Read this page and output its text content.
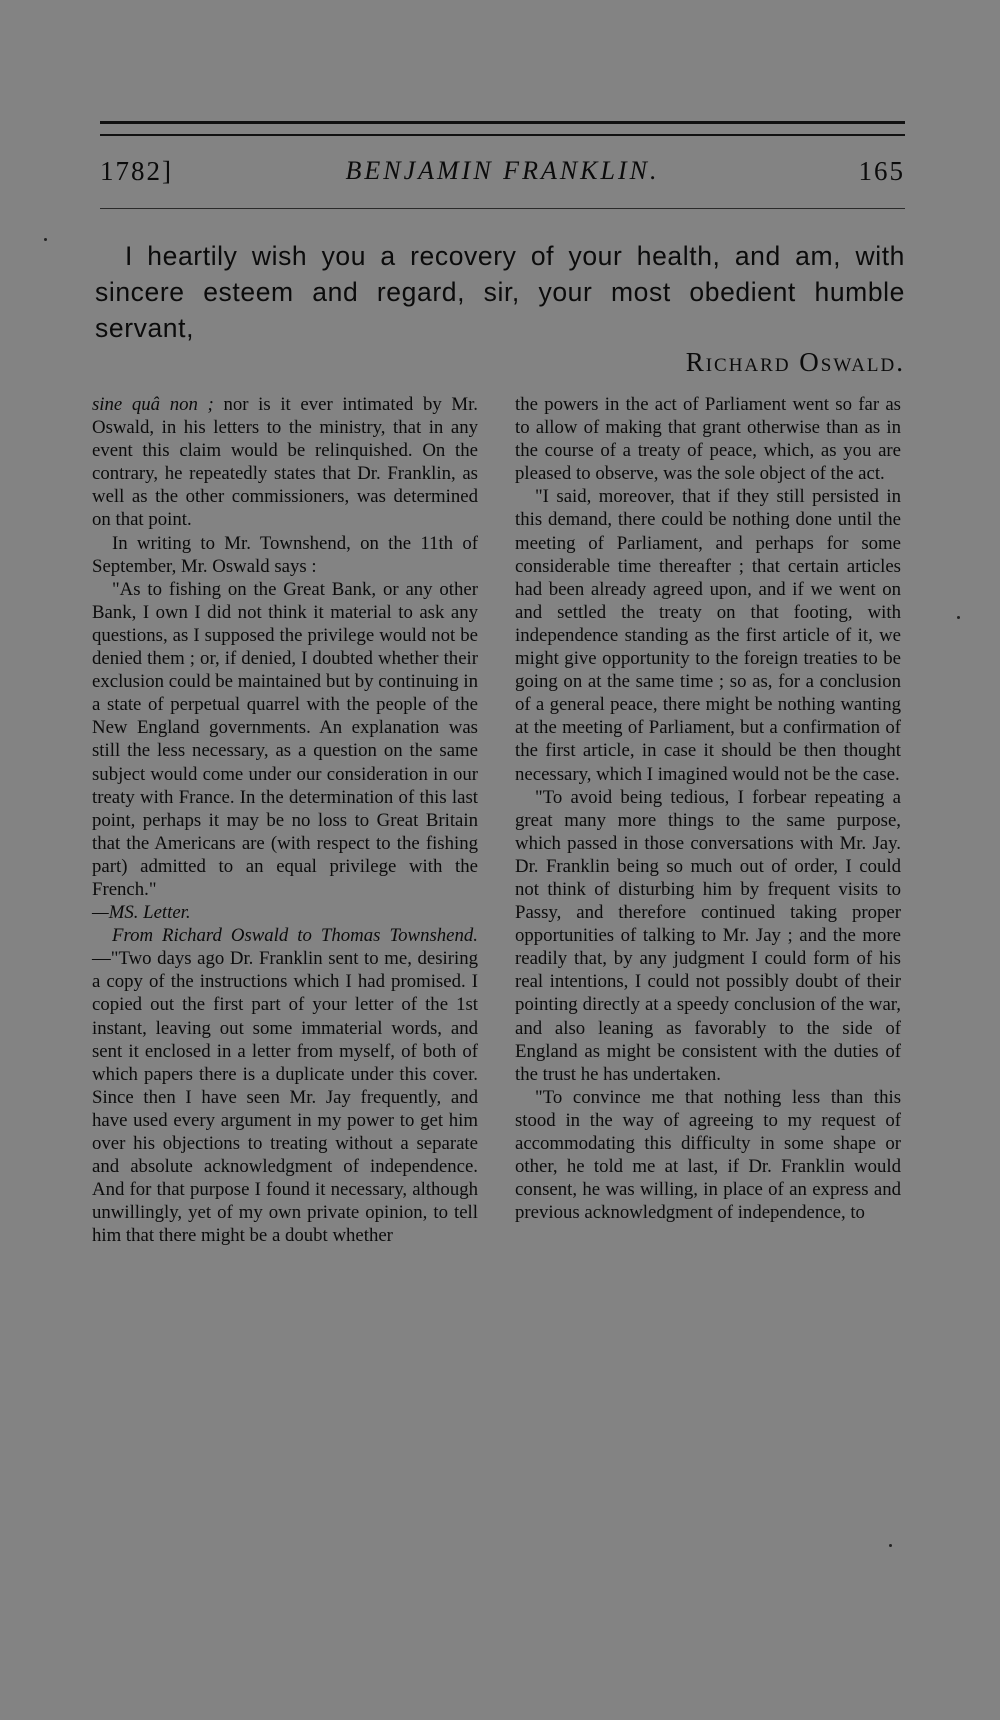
1782]	BENJAMIN FRANKLIN.	165
I heartily wish you a recovery of your health, and am, with sincere esteem and regard, sir, your most obedient humble servant,
Richard Oswald.

sine quâ non ; nor is it ever intimated by Mr. Oswald, in his letters to the ministry, that in any event this claim would be relinquished. On the contrary, he repeatedly states that Dr. Franklin, as well as the other commissioners, was determined on that point.

In writing to Mr. Townshend, on the 11th of September, Mr. Oswald says :

"As to fishing on the Great Bank, or any other Bank, I own I did not think it material to ask any questions, as I supposed the privilege would not be denied them ; or, if denied, I doubted whether their exclusion could be maintained but by continuing in a state of perpetual quarrel with the people of the New England governments. An explanation was still the less necessary, as a question on the same subject would come under our consideration in our treaty with France. In the determination of this last point, perhaps it may be no loss to Great Britain that the Americans are (with respect to the fishing part) admitted to an equal privilege with the French."
—MS. Letter.

From Richard Oswald to Thomas Townshend.—"Two days ago Dr. Franklin sent to me, desiring a copy of the instructions which I had promised. I copied out the first part of your letter of the 1st instant, leaving out some immaterial words, and sent it enclosed in a letter from myself, of both of which papers there is a duplicate under this cover. Since then I have seen Mr. Jay frequently, and have used every argument in my power to get him over his objections to treating without a separate and absolute acknowledgment of independence. And for that purpose I found it necessary, although unwillingly, yet of my own private opinion, to tell him that there might be a doubt whether

the powers in the act of Parliament went so far as to allow of making that grant otherwise than as in the course of a treaty of peace, which, as you are pleased to observe, was the sole object of the act.

"I said, moreover, that if they still persisted in this demand, there could be nothing done until the meeting of Parliament, and perhaps for some considerable time thereafter ; that certain articles had been already agreed upon, and if we went on and settled the treaty on that footing, with independence standing as the first article of it, we might give opportunity to the foreign treaties to be going on at the same time ; so as, for a conclusion of a general peace, there might be nothing wanting at the meeting of Parliament, but a confirmation of the first article, in case it should be then thought necessary, which I imagined would not be the case.

"To avoid being tedious, I forbear repeating a great many more things to the same purpose, which passed in those conversations with Mr. Jay. Dr. Franklin being so much out of order, I could not think of disturbing him by frequent visits to Passy, and therefore continued taking proper opportunities of talking to Mr. Jay ; and the more readily that, by any judgment I could form of his real intentions, I could not possibly doubt of their pointing directly at a speedy conclusion of the war, and also leaning as favorably to the side of England as might be consistent with the duties of the trust he has undertaken.

"To convince me that nothing less than this stood in the way of agreeing to my request of accommodating this difficulty in some shape or other, he told me at last, if Dr. Franklin would consent, he was willing, in place of an express and previous acknowledgment of independence, to
